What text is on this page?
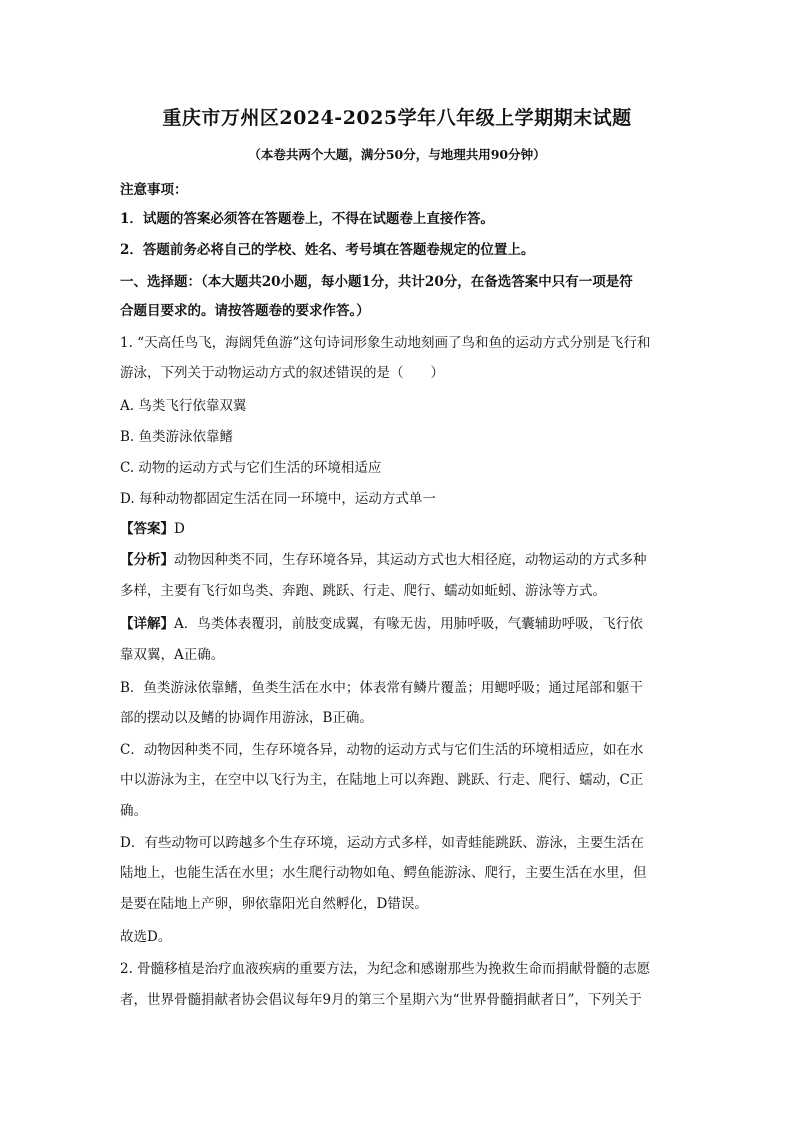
重庆市万州区2024-2025学年八年级上学期期末试题
（本卷共两个大题，满分50分，与地理共用90分钟）
注意事项：
1．试题的答案必须答在答题卷上，不得在试题卷上直接作答。
2．答题前务必将自己的学校、姓名、考号填在答题卷规定的位置上。
一、选择题：（本大题共20小题，每小题1分，共计20分，在备选答案中只有一项是符
合题目要求的。请按答题卷的要求作答。）
1. “天高任鸟飞，海阔凭鱼游”这句诗词形象生动地刻画了鸟和鱼的运动方式分别是飞行和
游泳，下列关于动物运动方式的叙述错误的是（　　）
A. 鸟类飞行依靠双翼
B. 鱼类游泳依靠鳍
C. 动物的运动方式与它们生活的环境相适应
D. 每种动物都固定生活在同一环境中，运动方式单一
【答案】D
【分析】动物因种类不同，生存环境各异，其运动方式也大相径庭，动物运动的方式多种
多样，主要有飞行如鸟类、奔跑、跳跃、行走、爬行、蠕动如蚯蚓、游泳等方式。
【详解】A．鸟类体表覆羽，前肢变成翼，有喙无齿，用肺呼吸，气囊辅助呼吸，飞行依
靠双翼，A正确。
B．鱼类游泳依靠鳍，鱼类生活在水中；体表常有鳞片覆盖；用鳃呼吸；通过尾部和躯干
部的摆动以及鳍的协调作用游泳，B正确。
C．动物因种类不同，生存环境各异，动物的运动方式与它们生活的环境相适应，如在水
中以游泳为主，在空中以飞行为主，在陆地上可以奔跑、跳跃、行走、爬行、蠕动，C正
确。
D．有些动物可以跨越多个生存环境，运动方式多样，如青蛙能跳跃、游泳，主要生活在
陆地上，也能生活在水里；水生爬行动物如龟、鳄鱼能游泳、爬行，主要生活在水里，但
是要在陆地上产卵，卵依靠阳光自然孵化，D错误。
故选D。
2. 骨髓移植是治疗血液疾病的重要方法，为纪念和感谢那些为挽救生命而捐献骨髓的志愿
者，世界骨髓捐献者协会倡议每年9月的第三个星期六为“世界骨髓捐献者日”，下列关于
